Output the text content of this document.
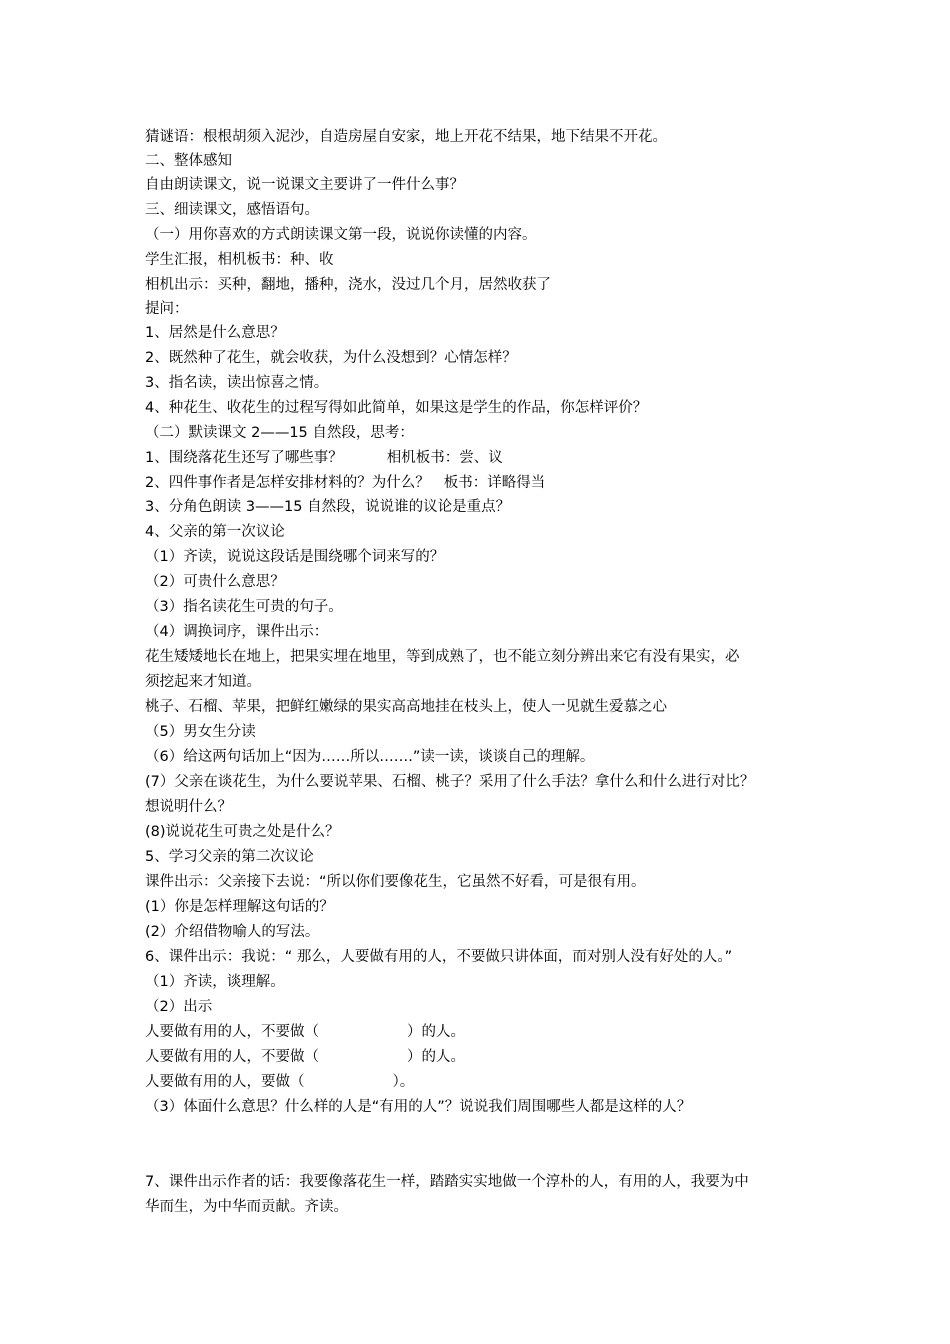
猜谜语：根根胡须入泥沙，自造房屋自安家，地上开花不结果，地下结果不开花。
二、整体感知
自由朗读课文，说一说课文主要讲了一件什么事？
三、细读课文，感悟语句。
（一）用你喜欢的方式朗读课文第一段，说说你读懂的内容。
学生汇报，相机板书：种、收
相机出示：买种，翻地，播种，浇水，没过几个月，居然收获了
提问：
1、居然是什么意思？
2、既然种了花生，就会收获，为什么没想到？心情怎样？
3、指名读，读出惊喜之情。
4、种花生、收花生的过程写得如此简单，如果这是学生的作品，你怎样评价？
（二）默读课文 2——15 自然段，思考：
1、围绕落花生还写了哪些事？	相机板书：尝、议
2、四件事作者是怎样安排材料的？为什么？ 板书：详略得当
3、分角色朗读 3——15 自然段，说说谁的议论是重点？
4、父亲的第一次议论
（1）齐读，说说这段话是围绕哪个词来写的？
（2）可贵什么意思？
（3）指名读花生可贵的句子。
（4）调换词序，课件出示：
花生矮矮地长在地上，把果实埋在地里，等到成熟了，也不能立刻分辨出来它有没有果实，必
须挖起来才知道。
桃子、石榴、苹果，把鲜红嫩绿的果实高高地挂在枝头上，使人一见就生爱慕之心
（5）男女生分读
（6）给这两句话加上“因为……所以…….”读一读，谈谈自己的理解。
(7）父亲在谈花生，为什么要说苹果、石榴、桃子？采用了什么手法？拿什么和什么进行对比？
想说明什么？
(8)说说花生可贵之处是什么？
5、学习父亲的第二次议论
课件出示：父亲接下去说：“所以你们要像花生，它虽然不好看，可是很有用。
(1）你是怎样理解这句话的？
(2）介绍借物喻人的写法。
6、课件出示：我说：“ 那么，人要做有用的人，不要做只讲体面，而对别人没有好处的人。”
（1）齐读，谈理解。
（2）出示
人要做有用的人，不要做（	）的人。
人要做有用的人，不要做（	）的人。
人要做有用的人，要做（	）。
（3）体面什么意思？什么样的人是“有用的人”？说说我们周围哪些人都是这样的人？
7、课件出示作者的话：我要像落花生一样，踏踏实实地做一个淳朴的人，有用的人，我要为中
华而生，为中华而贡献。齐读。
